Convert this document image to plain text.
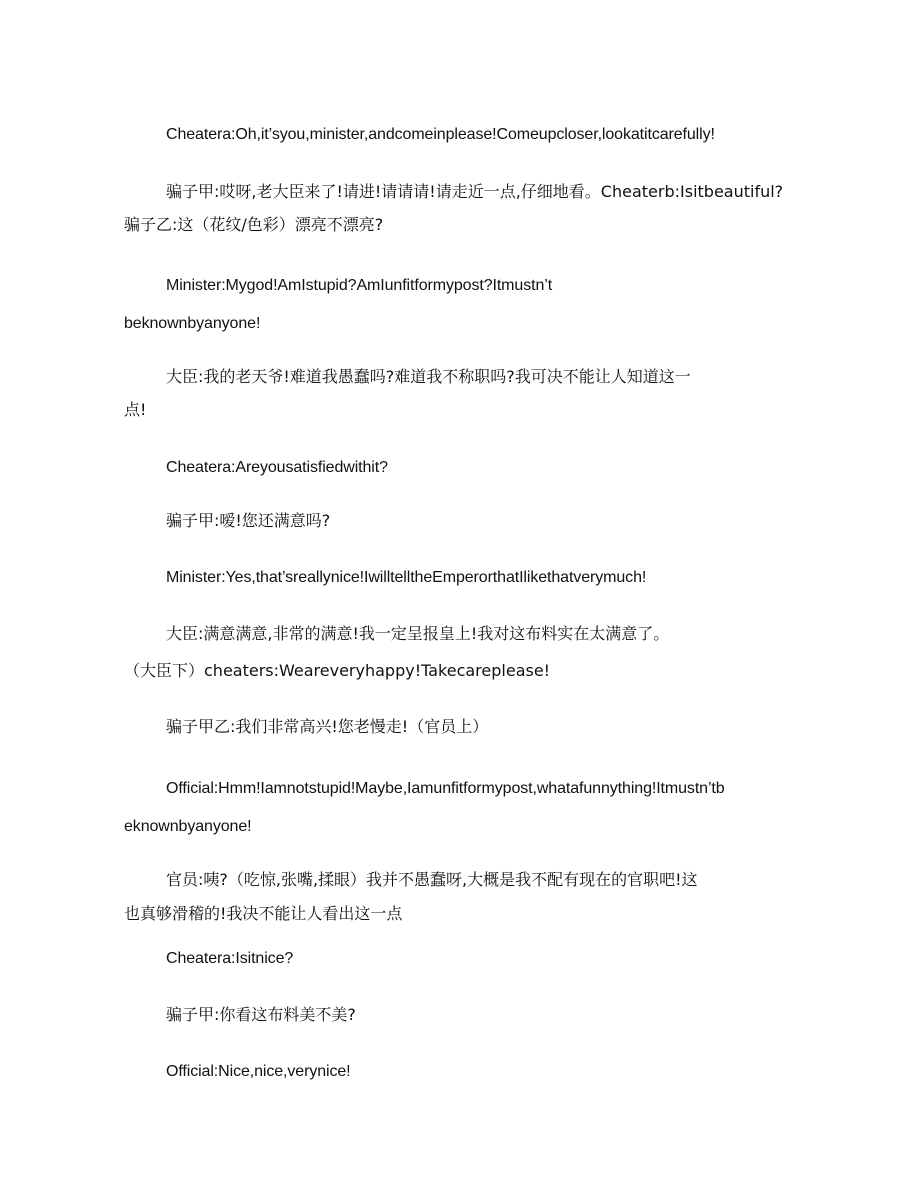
Cheatera:Oh,it’syou,minister,andcomeinplease!Comeupcloser,lookatitcarefully!
骗子甲:哎呀,老大臣来了!请进!请请请!请走近一点,仔细地看。Cheaterb:Isitbeautiful?
骗子乙:这（花纹/色彩）漂亮不漂亮?
Minister:Mygod!AmIstupid?AmIunfitformypost?Itmustn’t
beknownbyanyone!
大臣:我的老天爷!难道我愚蠢吗?难道我不称职吗?我可决不能让人知道这一
点!
Cheatera:Areyousatisfiedwithit?
骗子甲:嗳!您还满意吗?
Minister:Yes,that’sreallynice!IwilltelltheEmperorthatIlikethatverymuch!
大臣:满意满意,非常的满意!我一定呈报皇上!我对这布料实在太满意了。
（大臣下）cheaters:Weareveryhappy!Takecareplease!
骗子甲乙:我们非常高兴!您老慢走!（官员上）
Official:Hmm!Iamnotstupid!Maybe,Iamunfitformypost,whatafunnything!Itmustn’tb
eknownbyanyone!
官员:咦?（吃惊,张嘴,揉眼）我并不愚蠢呀,大概是我不配有现在的官职吧!这
也真够滑稽的!我决不能让人看出这一点
Cheatera:Isitnice?
骗子甲:你看这布料美不美?
Official:Nice,nice,verynice!
